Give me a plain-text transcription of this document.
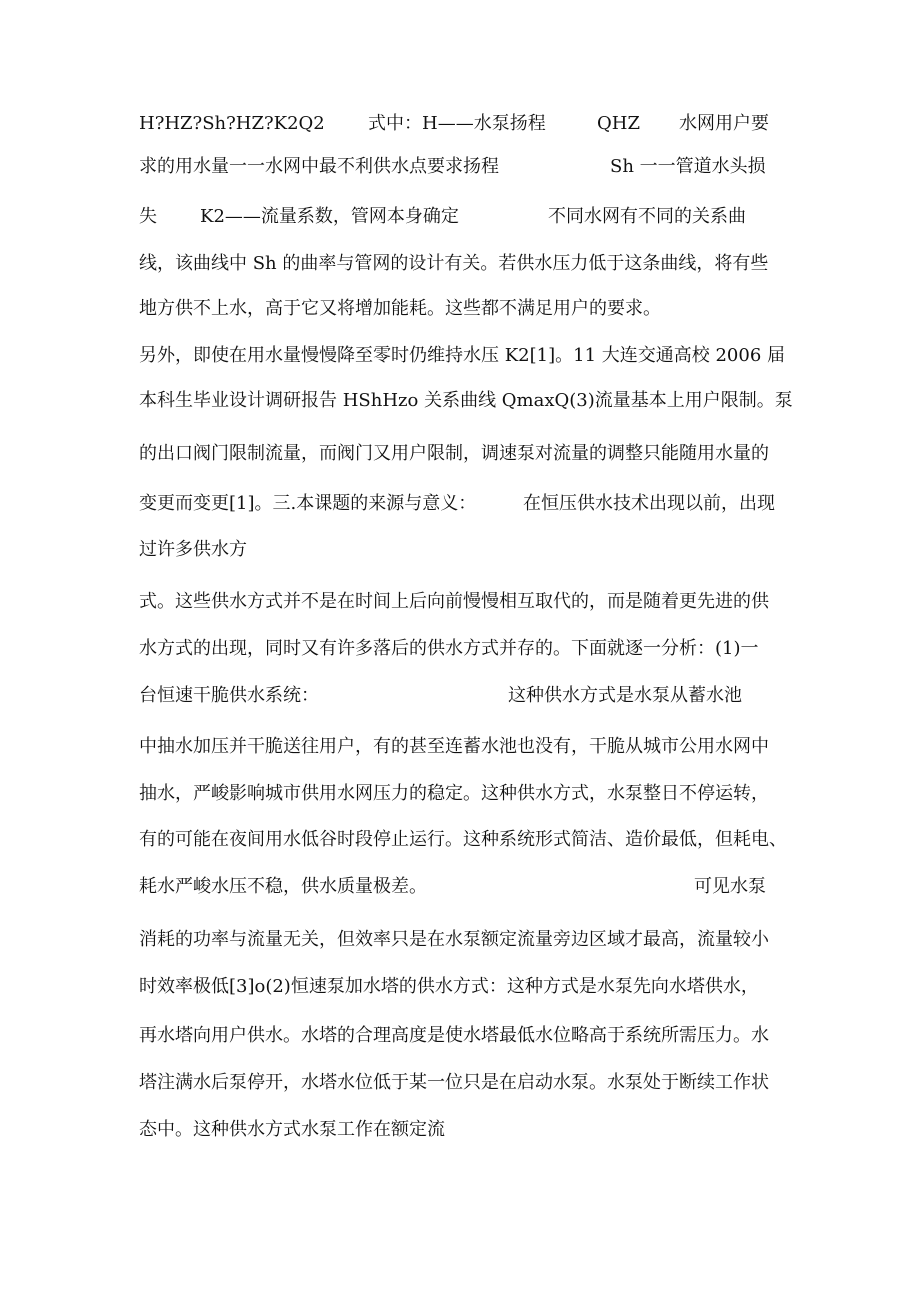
H?HZ?Sh?HZ?K2Q2 式中：H——水泵扬程	QHZ 水网用户要
求的用水量一一水网中最不利供水点要求扬程	Sh 一一管道水头损
失 K2——流量系数，管网本身确定	不同水网有不同的关系曲
线，该曲线中 Sh 的曲率与管网的设计有关。若供水压力低于这条曲线，将有些
地方供不上水，高于它又将增加能耗。这些都不满足用户的要求。
另外，即使在用水量慢慢降至零时仍维持水压 K2[1]。11 大连交通高校 2006 届
本科生毕业设计调研报告 HShHzo 关系曲线 QmaxQ(3)流量基本上用户限制。泵
的出口阀门限制流量，而阀门又用户限制，调速泵对流量的调整只能随用水量的
变更而变更[1]。三.本课题的来源与意义：	在恒压供水技术出现以前，出现
过许多供水方
式。这些供水方式并不是在时间上后向前慢慢相互取代的，而是随着更先进的供
水方式的出现，同时又有许多落后的供水方式并存的。下面就逐一分析：(1)一
台恒速干脆供水系统：	这种供水方式是水泵从蓄水池
中抽水加压并干脆送往用户，有的甚至连蓄水池也没有，干脆从城市公用水网中
抽水，严峻影响城市供用水网压力的稳定。这种供水方式，水泵整日不停运转，
有的可能在夜间用水低谷时段停止运行。这种系统形式简洁、造价最低，但耗电、
耗水严峻水压不稳，供水质量极差。	可见水泵
消耗的功率与流量无关，但效率只是在水泵额定流量旁边区域才最高，流量较小
时效率极低[3]o(2)恒速泵加水塔的供水方式：这种方式是水泵先向水塔供水，
再水塔向用户供水。水塔的合理高度是使水塔最低水位略高于系统所需压力。水
塔注满水后泵停开，水塔水位低于某一位只是在启动水泵。水泵处于断续工作状
态中。这种供水方式水泵工作在额定流
